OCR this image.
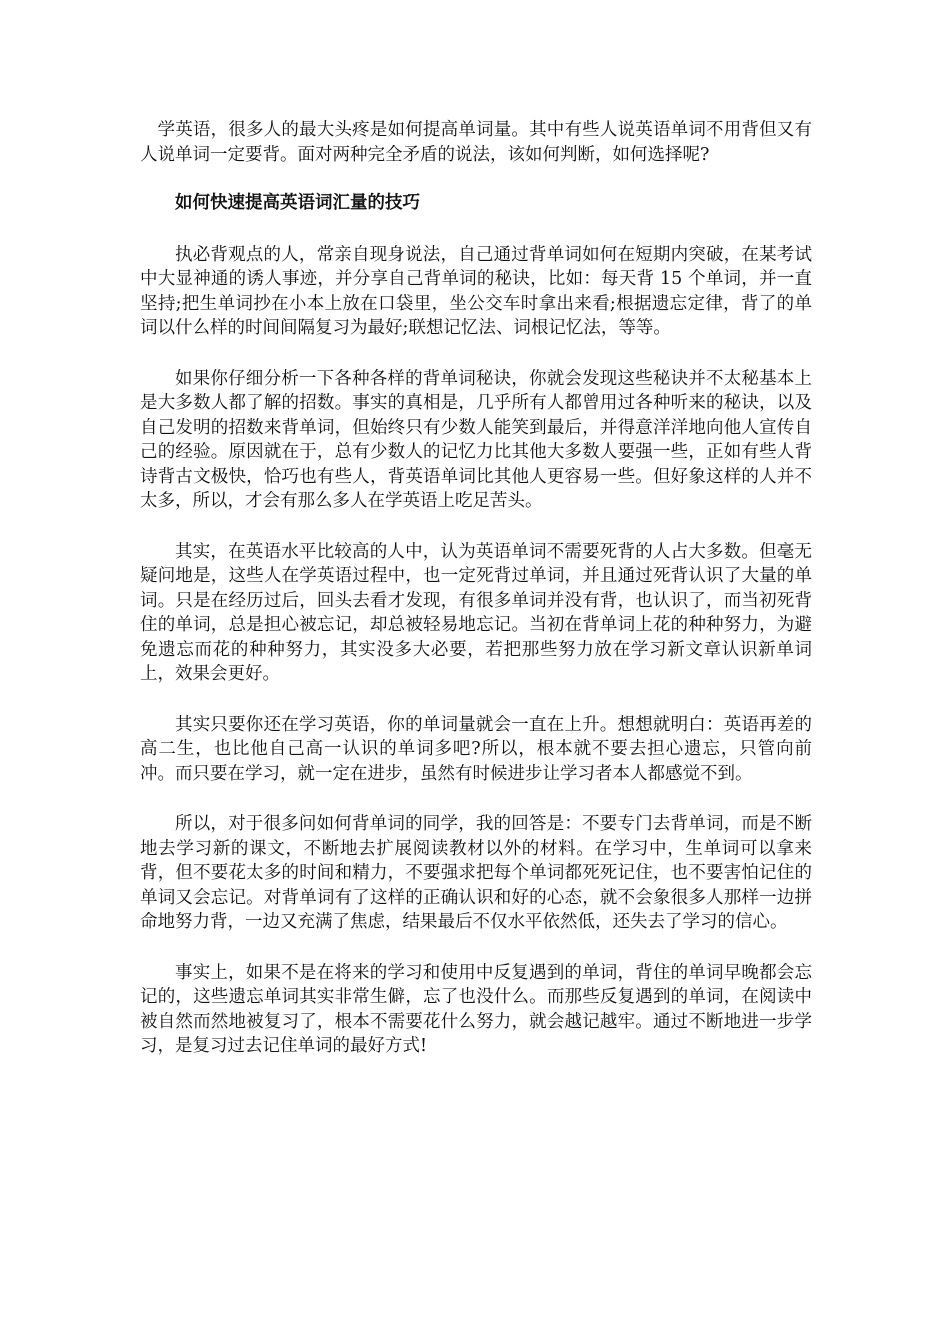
学英语，很多人的最大头疼是如何提高单词量。其中有些人说英语单词不用背但又有人说单词一定要背。面对两种完全矛盾的说法，该如何判断，如何选择呢?

如何快速提高英语词汇量的技巧

执必背观点的人，常亲自现身说法，自己通过背单词如何在短期内突破，在某考试中大显神通的诱人事迹，并分享自己背单词的秘诀，比如：每天背 15 个单词，并一直坚持;把生单词抄在小本上放在口袋里，坐公交车时拿出来看;根据遗忘定律，背了的单词以什么样的时间间隔复习为最好;联想记忆法、词根记忆法，等等。

如果你仔细分析一下各种各样的背单词秘诀，你就会发现这些秘诀并不太秘基本上是大多数人都了解的招数。事实的真相是，几乎所有人都曾用过各种听来的秘诀，以及自己发明的招数来背单词，但始终只有少数人能笑到最后，并得意洋洋地向他人宣传自己的经验。原因就在于，总有少数人的记忆力比其他大多数人要强一些，正如有些人背诗背古文极快，恰巧也有些人，背英语单词比其他人更容易一些。但好象这样的人并不太多，所以，才会有那么多人在学英语上吃足苦头。

其实，在英语水平比较高的人中，认为英语单词不需要死背的人占大多数。但毫无疑问地是，这些人在学英语过程中，也一定死背过单词，并且通过死背认识了大量的单词。只是在经历过后，回头去看才发现，有很多单词并没有背，也认识了，而当初死背住的单词，总是担心被忘记，却总被轻易地忘记。当初在背单词上花的种种努力，为避免遗忘而花的种种努力，其实没多大必要，若把那些努力放在学习新文章认识新单词上，效果会更好。

其实只要你还在学习英语，你的单词量就会一直在上升。想想就明白：英语再差的高二生，也比他自己高一认识的单词多吧?所以，根本就不要去担心遗忘，只管向前冲。而只要在学习，就一定在进步，虽然有时候进步让学习者本人都感觉不到。

所以，对于很多问如何背单词的同学，我的回答是：不要专门去背单词，而是不断地去学习新的课文，不断地去扩展阅读教材以外的材料。在学习中，生单词可以拿来背，但不要花太多的时间和精力，不要强求把每个单词都死死记住，也不要害怕记住的单词又会忘记。对背单词有了这样的正确认识和好的心态，就不会象很多人那样一边拼命地努力背，一边又充满了焦虑，结果最后不仅水平依然低，还失去了学习的信心。

事实上，如果不是在将来的学习和使用中反复遇到的单词，背住的单词早晚都会忘记的，这些遗忘单词其实非常生僻，忘了也没什么。而那些反复遇到的单词，在阅读中被自然而然地被复习了，根本不需要花什么努力，就会越记越牢。通过不断地进一步学习，是复习过去记住单词的最好方式!
